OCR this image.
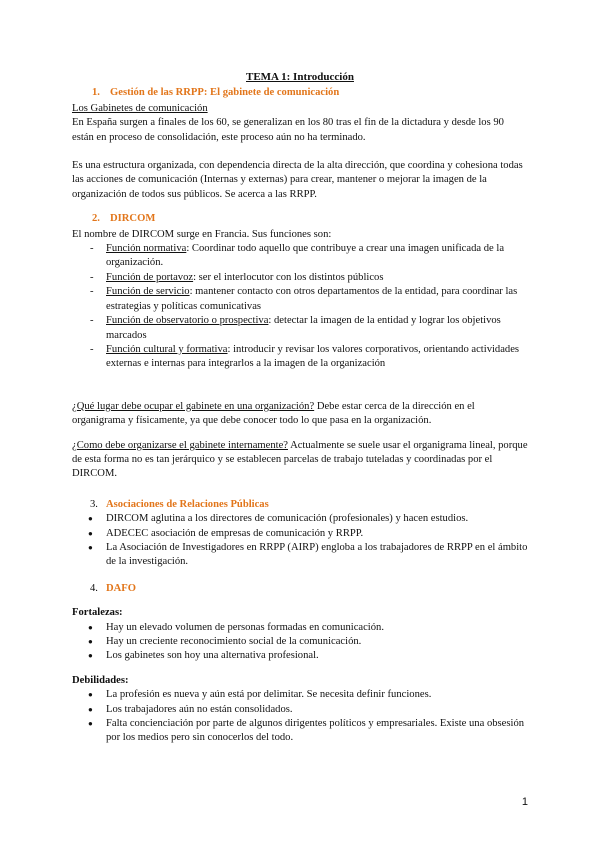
TEMA 1: Introducción
1. Gestión de las RRPP: El gabinete de comunicación

Los Gabinetes de comunicación

En España surgen a finales de los 60, se generalizan en los 80 tras el fin de la dictadura y desde los 90 están en proceso de consolidación, este proceso aún no ha terminado.

Es una estructura organizada, con dependencia directa de la alta dirección, que coordina y cohesiona todas las acciones de comunicación (Internas y externas) para crear, mantener o mejorar la imagen de la organización de todos sus públicos. Se acerca a las RRPP.

2. DIRCOM

El nombre de DIRCOM surge en Francia. Sus funciones son:

- Función normativa: Coordinar todo aquello que contribuye a crear una imagen unificada de la organización.
- Función de portavoz: ser el interlocutor con los distintos públicos
- Función de servicio: mantener contacto con otros departamentos de la entidad, para coordinar las estrategias y políticas comunicativas
- Función de observatorio o prospectiva: detectar la imagen de la entidad y lograr los objetivos marcados
- Función cultural y formativa: introducir y revisar los valores corporativos, orientando actividades externas e internas para integrarlos a la imagen de la organización

¿Qué lugar debe ocupar el gabinete en una organización? Debe estar cerca de la dirección en el organigrama y físicamente, ya que debe conocer todo lo que pasa en la organización.

¿Como debe organizarse el gabinete internamente? Actualmente se suele usar el organigrama lineal, porque de esta forma no es tan jerárquico y se establecen parcelas de trabajo tuteladas y coordinadas por el DIRCOM.

3. Asociaciones de Relaciones Públicas
● DIRCOM aglutina a los directores de comunicación (profesionales) y hacen estudios.
● ADECEC asociación de empresas de comunicación y RRPP.
● La Asociación de Investigadores en RRPP (AIRP) engloba a los trabajadores de RRPP en el ámbito de la investigación.
4. DAFO

Fortalezas:

● Hay un elevado volumen de personas formadas en comunicación.
● Hay un creciente reconocimiento social de la comunicación.
● Los gabinetes son hoy una alternativa profesional.

Debilidades:

● La profesión es nueva y aún está por delimitar. Se necesita definir funciones.
● Los trabajadores aún no están consolidados.
● Falta concienciación por parte de algunos dirigentes políticos y empresariales. Existe una obsesión por los medios pero sin conocerlos del todo.
1
